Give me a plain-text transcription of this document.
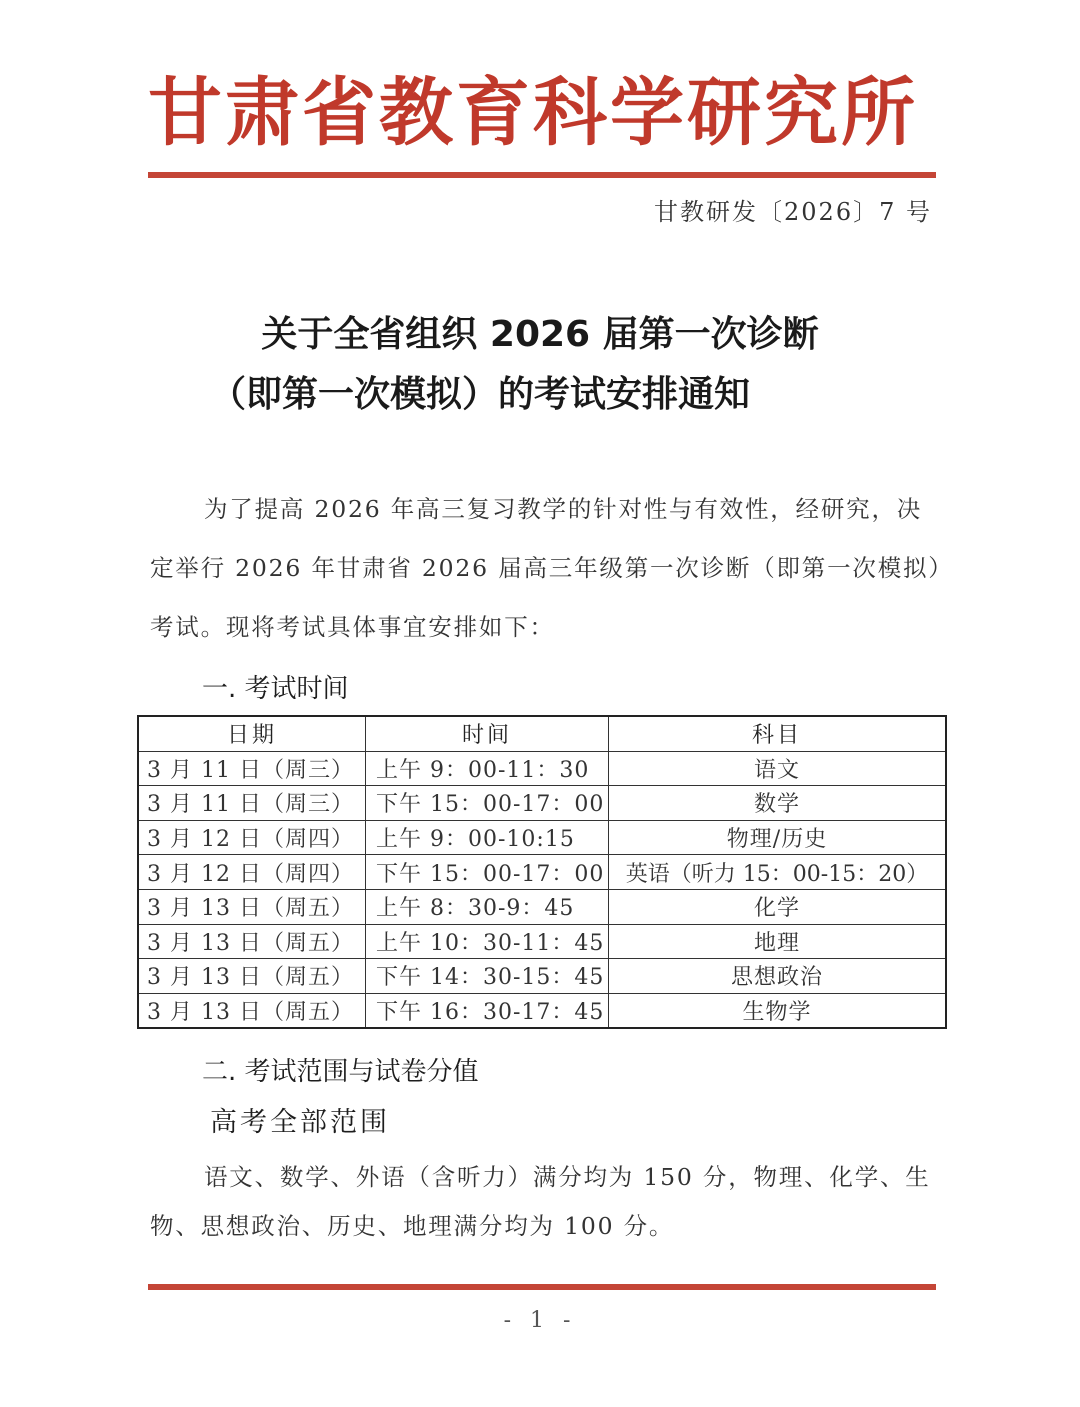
甘肃省教育科学研究所
甘教研发〔2026〕7 号
关于全省组织 2026 届第一次诊断
（即第一次模拟）的考试安排通知
为了提高 2026 年高三复习教学的针对性与有效性，经研究，决
定举行 2026 年甘肃省 2026 届高三年级第一次诊断（即第一次模拟）
考试。现将考试具体事宜安排如下：
一. 考试时间
日期	时间	科目
3 月 11 日（周三）	上午 9：00-11：30	语文
3 月 11 日（周三）	下午 15：00-17：00	数学
3 月 12 日（周四）	上午 9：00-10:15	物理/历史
3 月 12 日（周四）	下午 15：00-17：00	英语（听力 15：00-15：20）
3 月 13 日（周五）	上午 8：30-9：45	化学
3 月 13 日（周五）	上午 10：30-11：45	地理
3 月 13 日（周五）	下午 14：30-15：45	思想政治
3 月 13 日（周五）	下午 16：30-17：45	生物学
二. 考试范围与试卷分值
高考全部范围
语文、数学、外语（含听力）满分均为 150 分，物理、化学、生
物、思想政治、历史、地理满分均为 100 分。
- 1 -
